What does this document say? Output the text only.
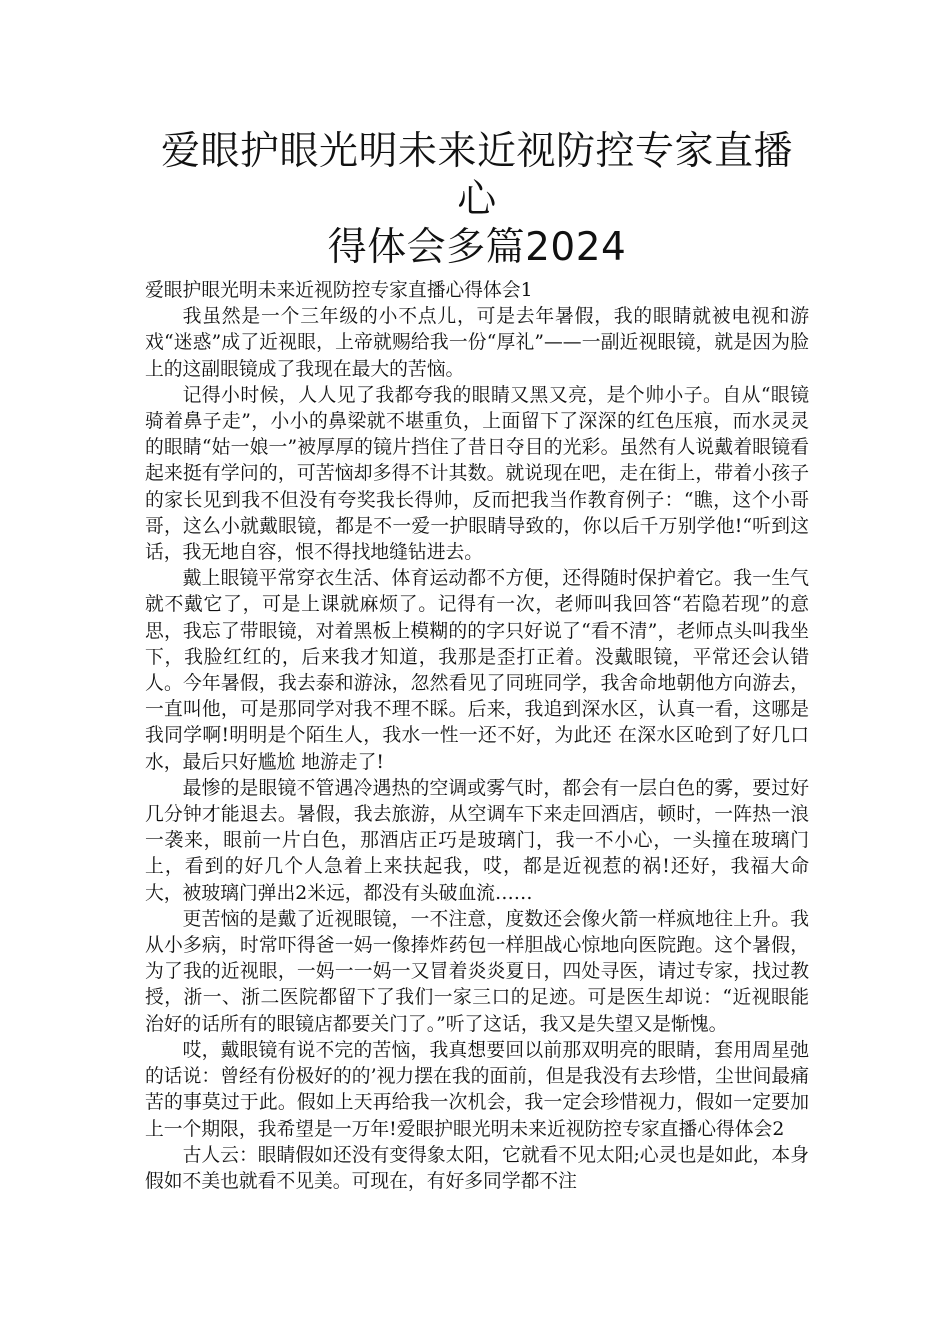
爱眼护眼光明未来近视防控专家直播心
得体会多篇2024

爱眼护眼光明未来近视防控专家直播心得体会1

我虽然是一个三年级的小不点儿，可是去年暑假，我的眼睛就被电视和游戏“迷惑”成了近视眼，上帝就赐给我一份“厚礼”——一副近视眼镜，就是因为脸上的这副眼镜成了我现在最大的苦恼。

记得小时候，人人见了我都夸我的眼睛又黑又亮，是个帅小子。自从“眼镜骑着鼻子走”，小小的鼻梁就不堪重负，上面留下了深深的红色压痕，而水灵灵的眼睛“姑一娘一”被厚厚的镜片挡住了昔日夺目的光彩。虽然有人说戴着眼镜看起来挺有学问的，可苦恼却多得不计其数。就说现在吧，走在街上，带着小孩子的家长见到我不但没有夸奖我长得帅，反而把我当作教育例子：“瞧，这个小哥哥，这么小就戴眼镜，都是不一爱一护眼睛导致的，你以后千万别学他!“听到这话，我无地自容，恨不得找地缝钻进去。

戴上眼镜平常穿衣生活、体育运动都不方便，还得随时保护着它。我一生气就不戴它了，可是上课就麻烦了。记得有一次，老师叫我回答“若隐若现”的意思，我忘了带眼镜，对着黑板上模糊的的字只好说了“看不清”，老师点头叫我坐下，我脸红红的，后来我才知道，我那是歪打正着。没戴眼镜，平常还会认错人。今年暑假，我去泰和游泳，忽然看见了同班同学，我舍命地朝他方向游去，一直叫他，可是那同学对我不理不睬。后来，我追到深水区，认真一看，这哪是我同学啊!明明是个陌生人，我水一性一还不好，为此还 在深水区呛到了好几口水，最后只好尴尬 地游走了!

最惨的是眼镜不管遇冷遇热的空调或雾气时，都会有一层白色的雾，要过好几分钟才能退去。暑假，我去旅游，从空调车下来走回酒店，顿时，一阵热一浪一袭来，眼前一片白色，那酒店正巧是玻璃门，我一不小心，一头撞在玻璃门上，看到的好几个人急着上来扶起我，哎，都是近视惹的祸!还好，我福大命大，被玻璃门弹出2米远，都没有头破血流……

更苦恼的是戴了近视眼镜，一不注意，度数还会像火箭一样疯地往上升。我从小多病，时常吓得爸一妈一像捧炸药包一样胆战心惊地向医院跑。这个暑假，为了我的近视眼，一妈一一妈一又冒着炎炎夏日，四处寻医，请过专家，找过教授，浙一、浙二医院都留下了我们一家三口的足迹。可是医生却说：“近视眼能治好的话所有的眼镜店都要关门了。”听了这话，我又是失望又是惭愧。

哎，戴眼镜有说不完的苦恼，我真想要回以前那双明亮的眼睛，套用周星弛的话说：曾经有份极好的的’视力摆在我的面前，但是我没有去珍惜，尘世间最痛苦的事莫过于此。假如上天再给我一次机会，我一定会珍惜视力，假如一定要加上一个期限，我希望是一万年!爱眼护眼光明未来近视防控专家直播心得体会2

古人云：眼睛假如还没有变得象太阳，它就看不见太阳;心灵也是如此，本身假如不美也就看不见美。可现在，有好多同学都不注
